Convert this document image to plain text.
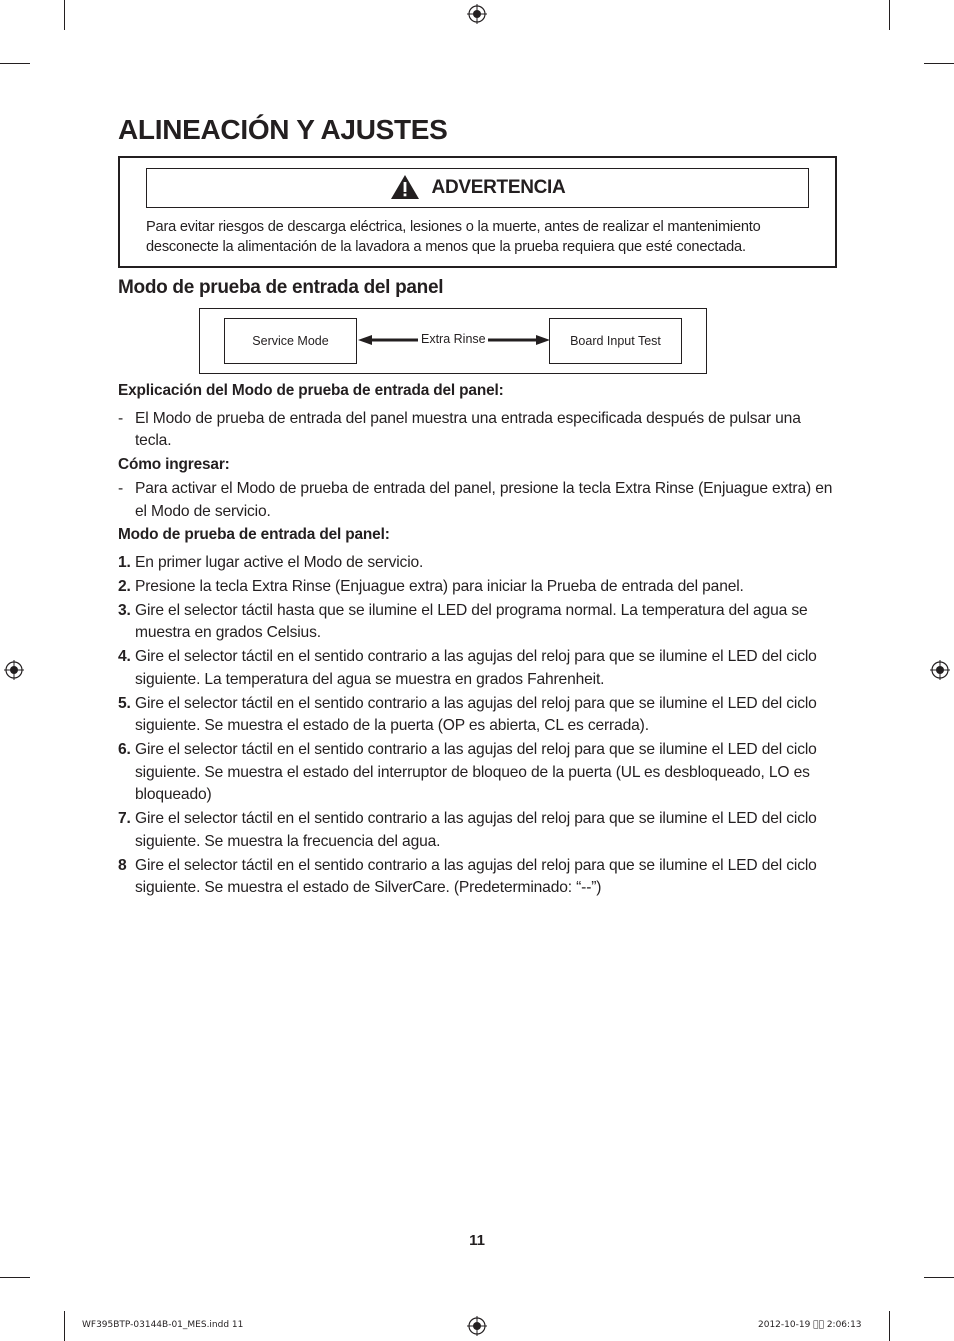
ALINEACIÓN Y AJUSTES
ADVERTENCIA
Para evitar riesgos de descarga eléctrica, lesiones o la muerte, antes de realizar el mantenimiento desconecte la alimentación de la lavadora a menos que la prueba requiera que esté conectada.
Modo de prueba de entrada del panel
Service Mode	Extra Rinse	Board Input Test

Explicación del Modo de prueba de entrada del panel:

- El Modo de prueba de entrada del panel muestra una entrada especificada después de pulsar una tecla.

Cómo ingresar:

- Para activar el Modo de prueba de entrada del panel, presione la tecla Extra Rinse (Enjuague extra) en el Modo de servicio.

Modo de prueba de entrada del panel:

1. En primer lugar active el Modo de servicio.
2. Presione la tecla Extra Rinse (Enjuague extra) para iniciar la Prueba de entrada del panel.
3. Gire el selector táctil hasta que se ilumine el LED del programa normal. La temperatura del agua se muestra en grados Celsius.
4. Gire el selector táctil en el sentido contrario a las agujas del reloj para que se ilumine el LED del ciclo siguiente. La temperatura del agua se muestra en grados Fahrenheit.
5. Gire el selector táctil en el sentido contrario a las agujas del reloj para que se ilumine el LED del ciclo siguiente. Se muestra el estado de la puerta (OP es abierta, CL es cerrada).
6. Gire el selector táctil en el sentido contrario a las agujas del reloj para que se ilumine el LED del ciclo siguiente. Se muestra el estado del interruptor de bloqueo de la puerta (UL es desbloqueado, LO es bloqueado)
7. Gire el selector táctil en el sentido contrario a las agujas del reloj para que se ilumine el LED del ciclo siguiente. Se muestra la frecuencia del agua.
8 Gire el selector táctil en el sentido contrario a las agujas del reloj para que se ilumine el LED del ciclo siguiente. Se muestra el estado de SilverCare. (Predeterminado: “--”)
11
WF395BTP-03144B-01_MES.indd 11	2012-10-19 ￿￿ 2:06:13
